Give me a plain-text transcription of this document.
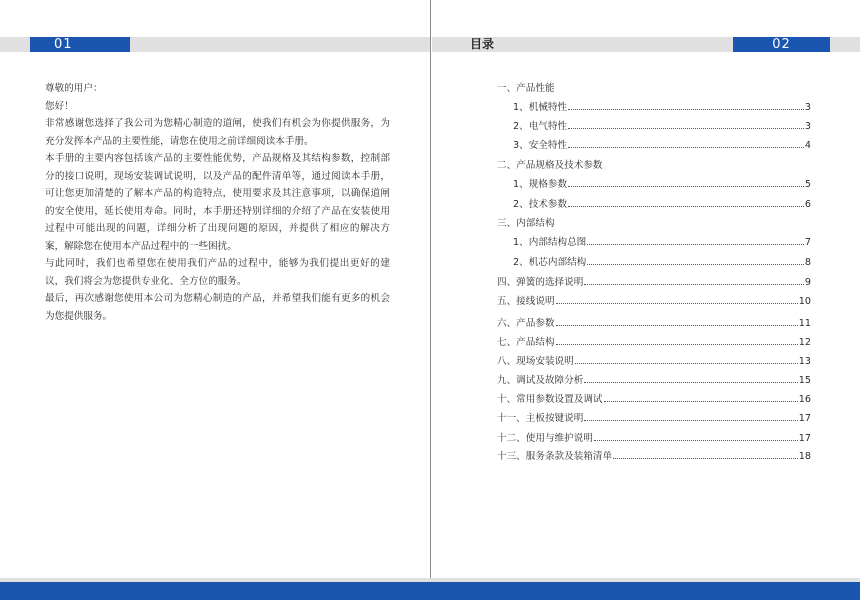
01	目录	02

尊敬的用户：

您好！

非常感谢您选择了我公司为您精心制造的道闸，使我们有机会为你提供服务，为充分发挥本产品的主要性能，请您在使用之前详细阅读本手册。

本手册的主要内容包括该产品的主要性能优势，产品规格及其结构参数，控制部分的接口说明，现场安装调试说明，以及产品的配件清单等，通过阅读本手册，可让您更加清楚的了解本产品的构造特点，使用要求及其注意事项，以确保道闸的安全使用，延长使用寿命。同时，本手册还特别详细的介绍了产品在安装使用过程中可能出现的问题，详细分析了出现问题的原因，并提供了相应的解决方案，解除您在使用本产品过程中的一些困扰。

与此同时，我们也希望您在使用我们产品的过程中，能够为我们提出更好的建议，我们将会为您提供专业化、全方位的服务。

最后，再次感谢您使用本公司为您精心制造的产品，并希望我们能有更多的机会为您提供服务。

一、产品性能
1、机械特性	3
2、电气特性	3
3、安全特性	4
二、产品规格及技术参数
1、规格参数	5
2、技术参数	6
三、内部结构
1、内部结构总图	7
2、机芯内部结构	8
四、弹簧的选择说明	9
五、接线说明	10
六、产品参数	11
七、产品结构	12
八、现场安装说明	13
九、调试及故障分析	15
十、常用参数设置及调试	16
十一、主板按键说明	17
十二、使用与维护说明	17
十三、服务条款及装箱清单	18
